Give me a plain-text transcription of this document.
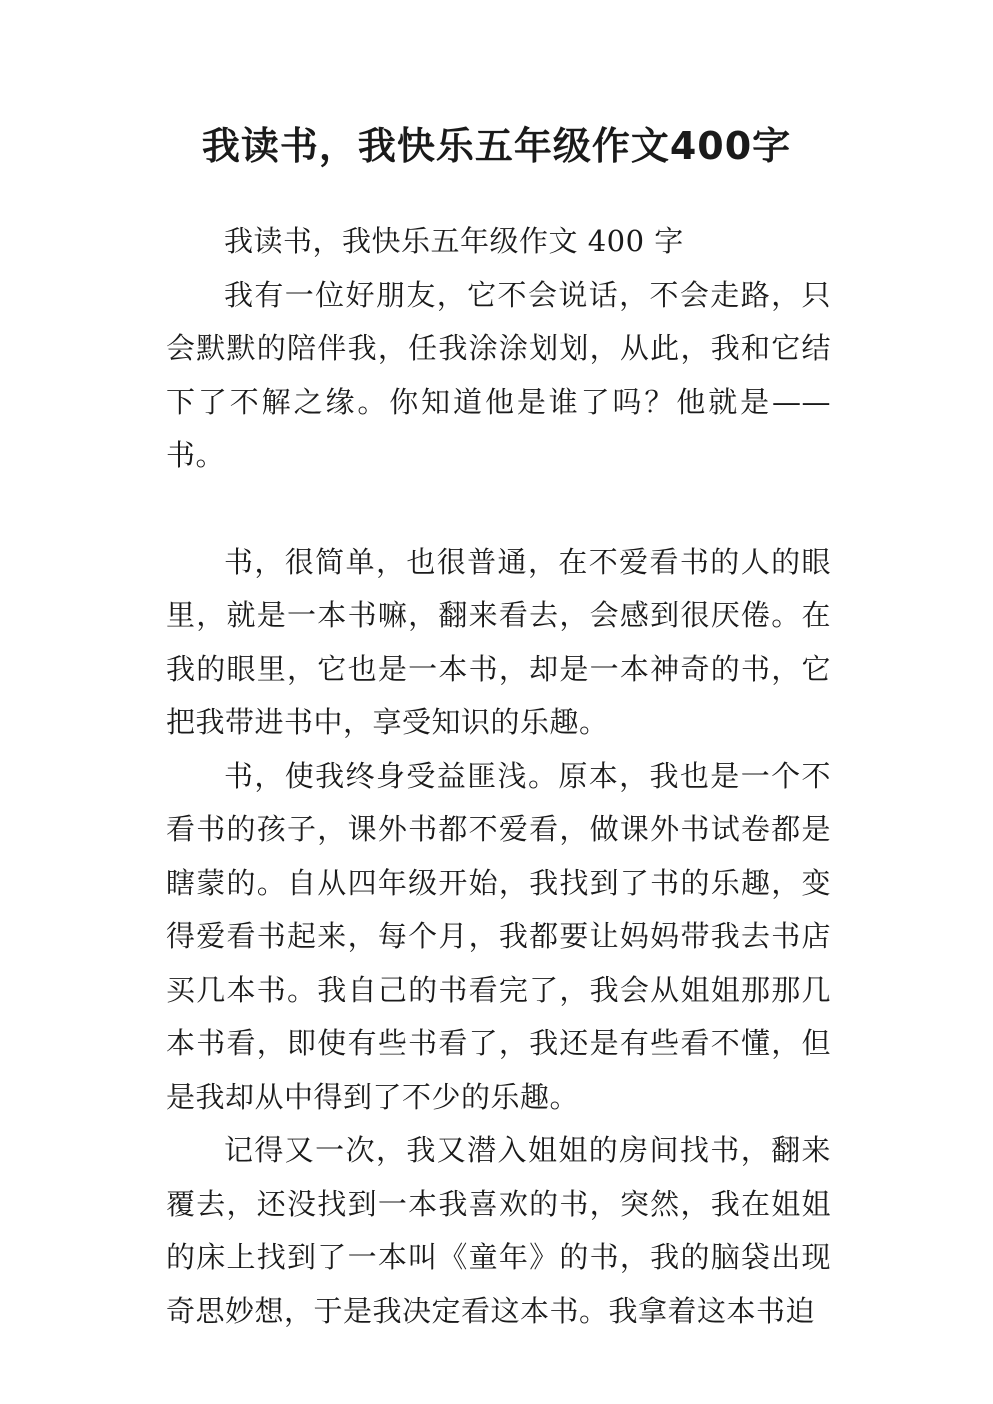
我读书，我快乐五年级作文400字

我读书，我快乐五年级作文 400 字

我有一位好朋友，它不会说话，不会走路，只会默默的陪伴我，任我涂涂划划，从此，我和它结下了不解之缘。你知道他是谁了吗？他就是——书。

书，很简单，也很普通，在不爱看书的人的眼里，就是一本书嘛，翻来看去，会感到很厌倦。在我的眼里，它也是一本书，却是一本神奇的书，它把我带进书中，享受知识的乐趣。

书，使我终身受益匪浅。原本，我也是一个不看书的孩子，课外书都不爱看，做课外书试卷都是瞎蒙的。自从四年级开始，我找到了书的乐趣，变得爱看书起来，每个月，我都要让妈妈带我去书店买几本书。我自己的书看完了，我会从姐姐那那几本书看，即使有些书看了，我还是有些看不懂，但是我却从中得到了不少的乐趣。

记得又一次，我又潜入姐姐的房间找书，翻来覆去，还没找到一本我喜欢的书，突然，我在姐姐的床上找到了一本叫《童年》的书，我的脑袋出现奇思妙想，于是我决定看这本书。我拿着这本书迫
